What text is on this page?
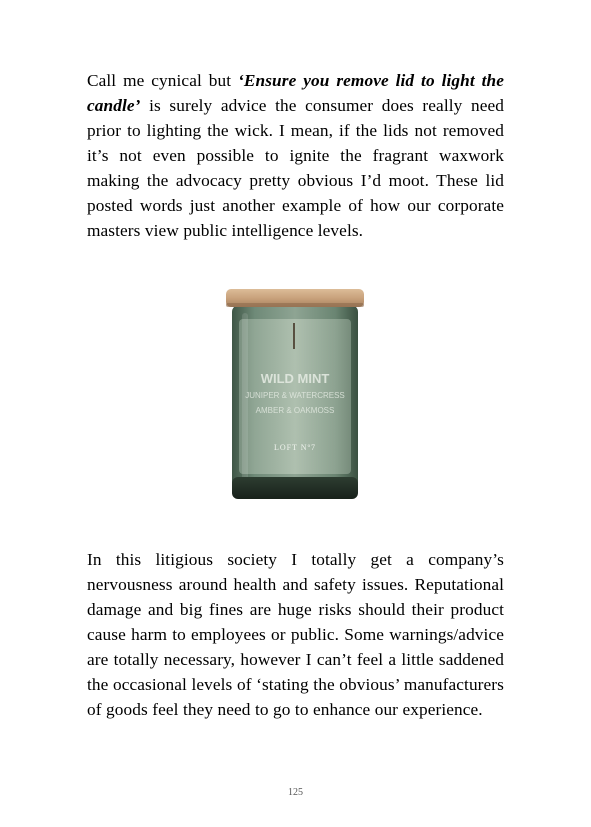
Call me cynical but ‘Ensure you remove lid to light the candle’ is surely advice the consumer does really need prior to lighting the wick. I mean, if the lids not removed it’s not even possible to ignite the fragrant waxwork making the advocacy pretty obvious I’d moot. These lid posted words just another example of how our corporate masters view public intelligence levels.

WILD MINT
JUNIPER & WATERCRESS
AMBER & OAKMOSS
LOFT Nº7

In this litigious society I totally get a company’s nervousness around health and safety issues. Reputational damage and big fines are huge risks should their product cause harm to employees or public. Some warnings/advice are totally necessary, however I can’t feel a little saddened the occasional levels of ‘stating the obvious’ manufacturers of goods feel they need to go to enhance our experience.

125
